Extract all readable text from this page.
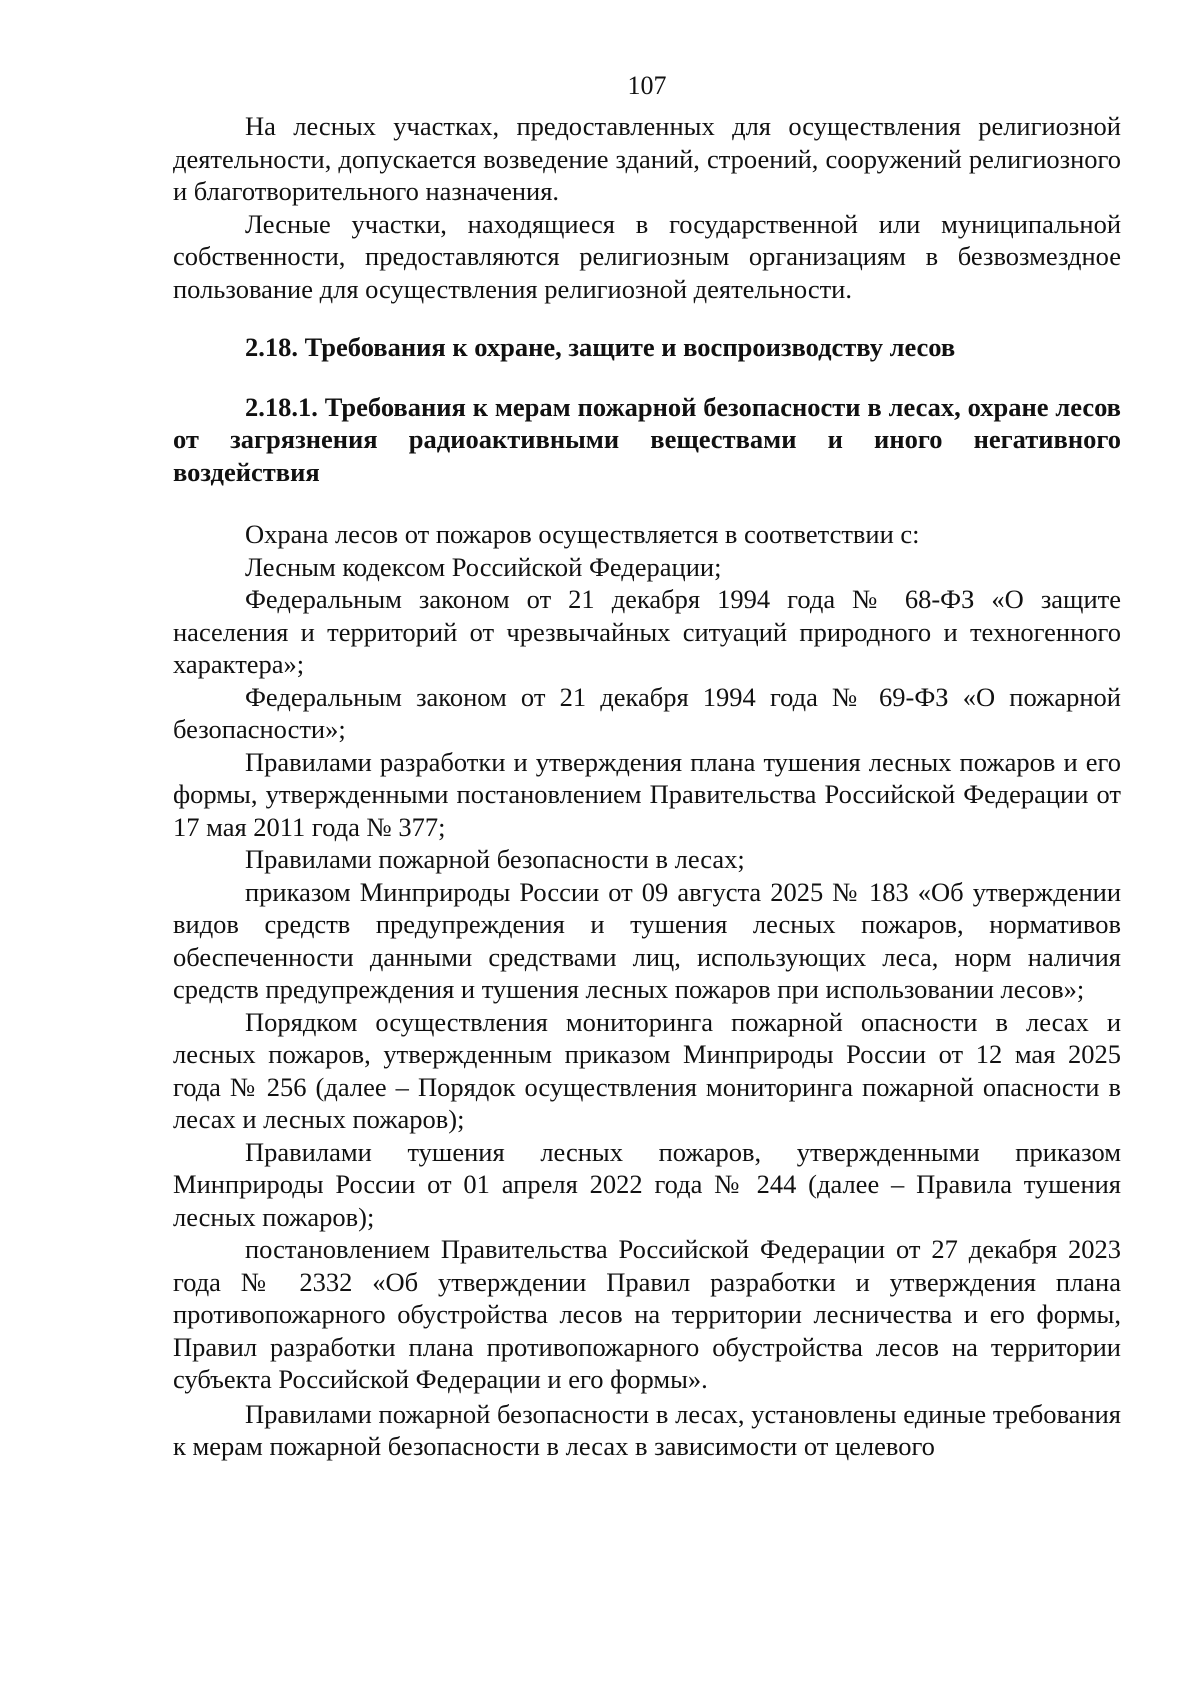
107

На лесных участках, предоставленных для осуществления религиозной деятельности, допускается возведение зданий, строений, сооружений религиозного и благотворительного назначения.

Лесные участки, находящиеся в государственной или муниципальной собственности, предоставляются религиозным организациям в безвозмездное пользование для осуществления религиозной деятельности.

2.18. Требования к охране, защите и воспроизводству лесов

2.18.1. Требования к мерам пожарной безопасности в лесах, охране лесов от загрязнения радиоактивными веществами и иного негативного воздействия

Охрана лесов от пожаров осуществляется в соответствии с:

Лесным кодексом Российской Федерации;

Федеральным законом от 21 декабря 1994 года № 68-ФЗ «О защите населения и территорий от чрезвычайных ситуаций природного и техногенного характера»;

Федеральным законом от 21 декабря 1994 года № 69-ФЗ «О пожарной безопасности»;

Правилами разработки и утверждения плана тушения лесных пожаров и его формы, утвержденными постановлением Правительства Российской Федерации от 17 мая 2011 года № 377;

Правилами пожарной безопасности в лесах;

приказом Минприроды России от 09 августа 2025 № 183 «Об утверждении видов средств предупреждения и тушения лесных пожаров, нормативов обеспеченности данными средствами лиц, использующих леса, норм наличия средств предупреждения и тушения лесных пожаров при использовании лесов»;

Порядком осуществления мониторинга пожарной опасности в лесах и лесных пожаров, утвержденным приказом Минприроды России от 12 мая 2025 года № 256 (далее – Порядок осуществления мониторинга пожарной опасности в лесах и лесных пожаров);

Правилами тушения лесных пожаров, утвержденными приказом Минприроды России от 01 апреля 2022 года № 244 (далее – Правила тушения лесных пожаров);

постановлением Правительства Российской Федерации от 27 декабря 2023 года № 2332 «Об утверждении Правил разработки и утверждения плана противопожарного обустройства лесов на территории лесничества и его формы, Правил разработки плана противопожарного обустройства лесов на территории субъекта Российской Федерации и его формы».

Правилами пожарной безопасности в лесах, установлены единые требования к мерам пожарной безопасности в лесах в зависимости от целевого
